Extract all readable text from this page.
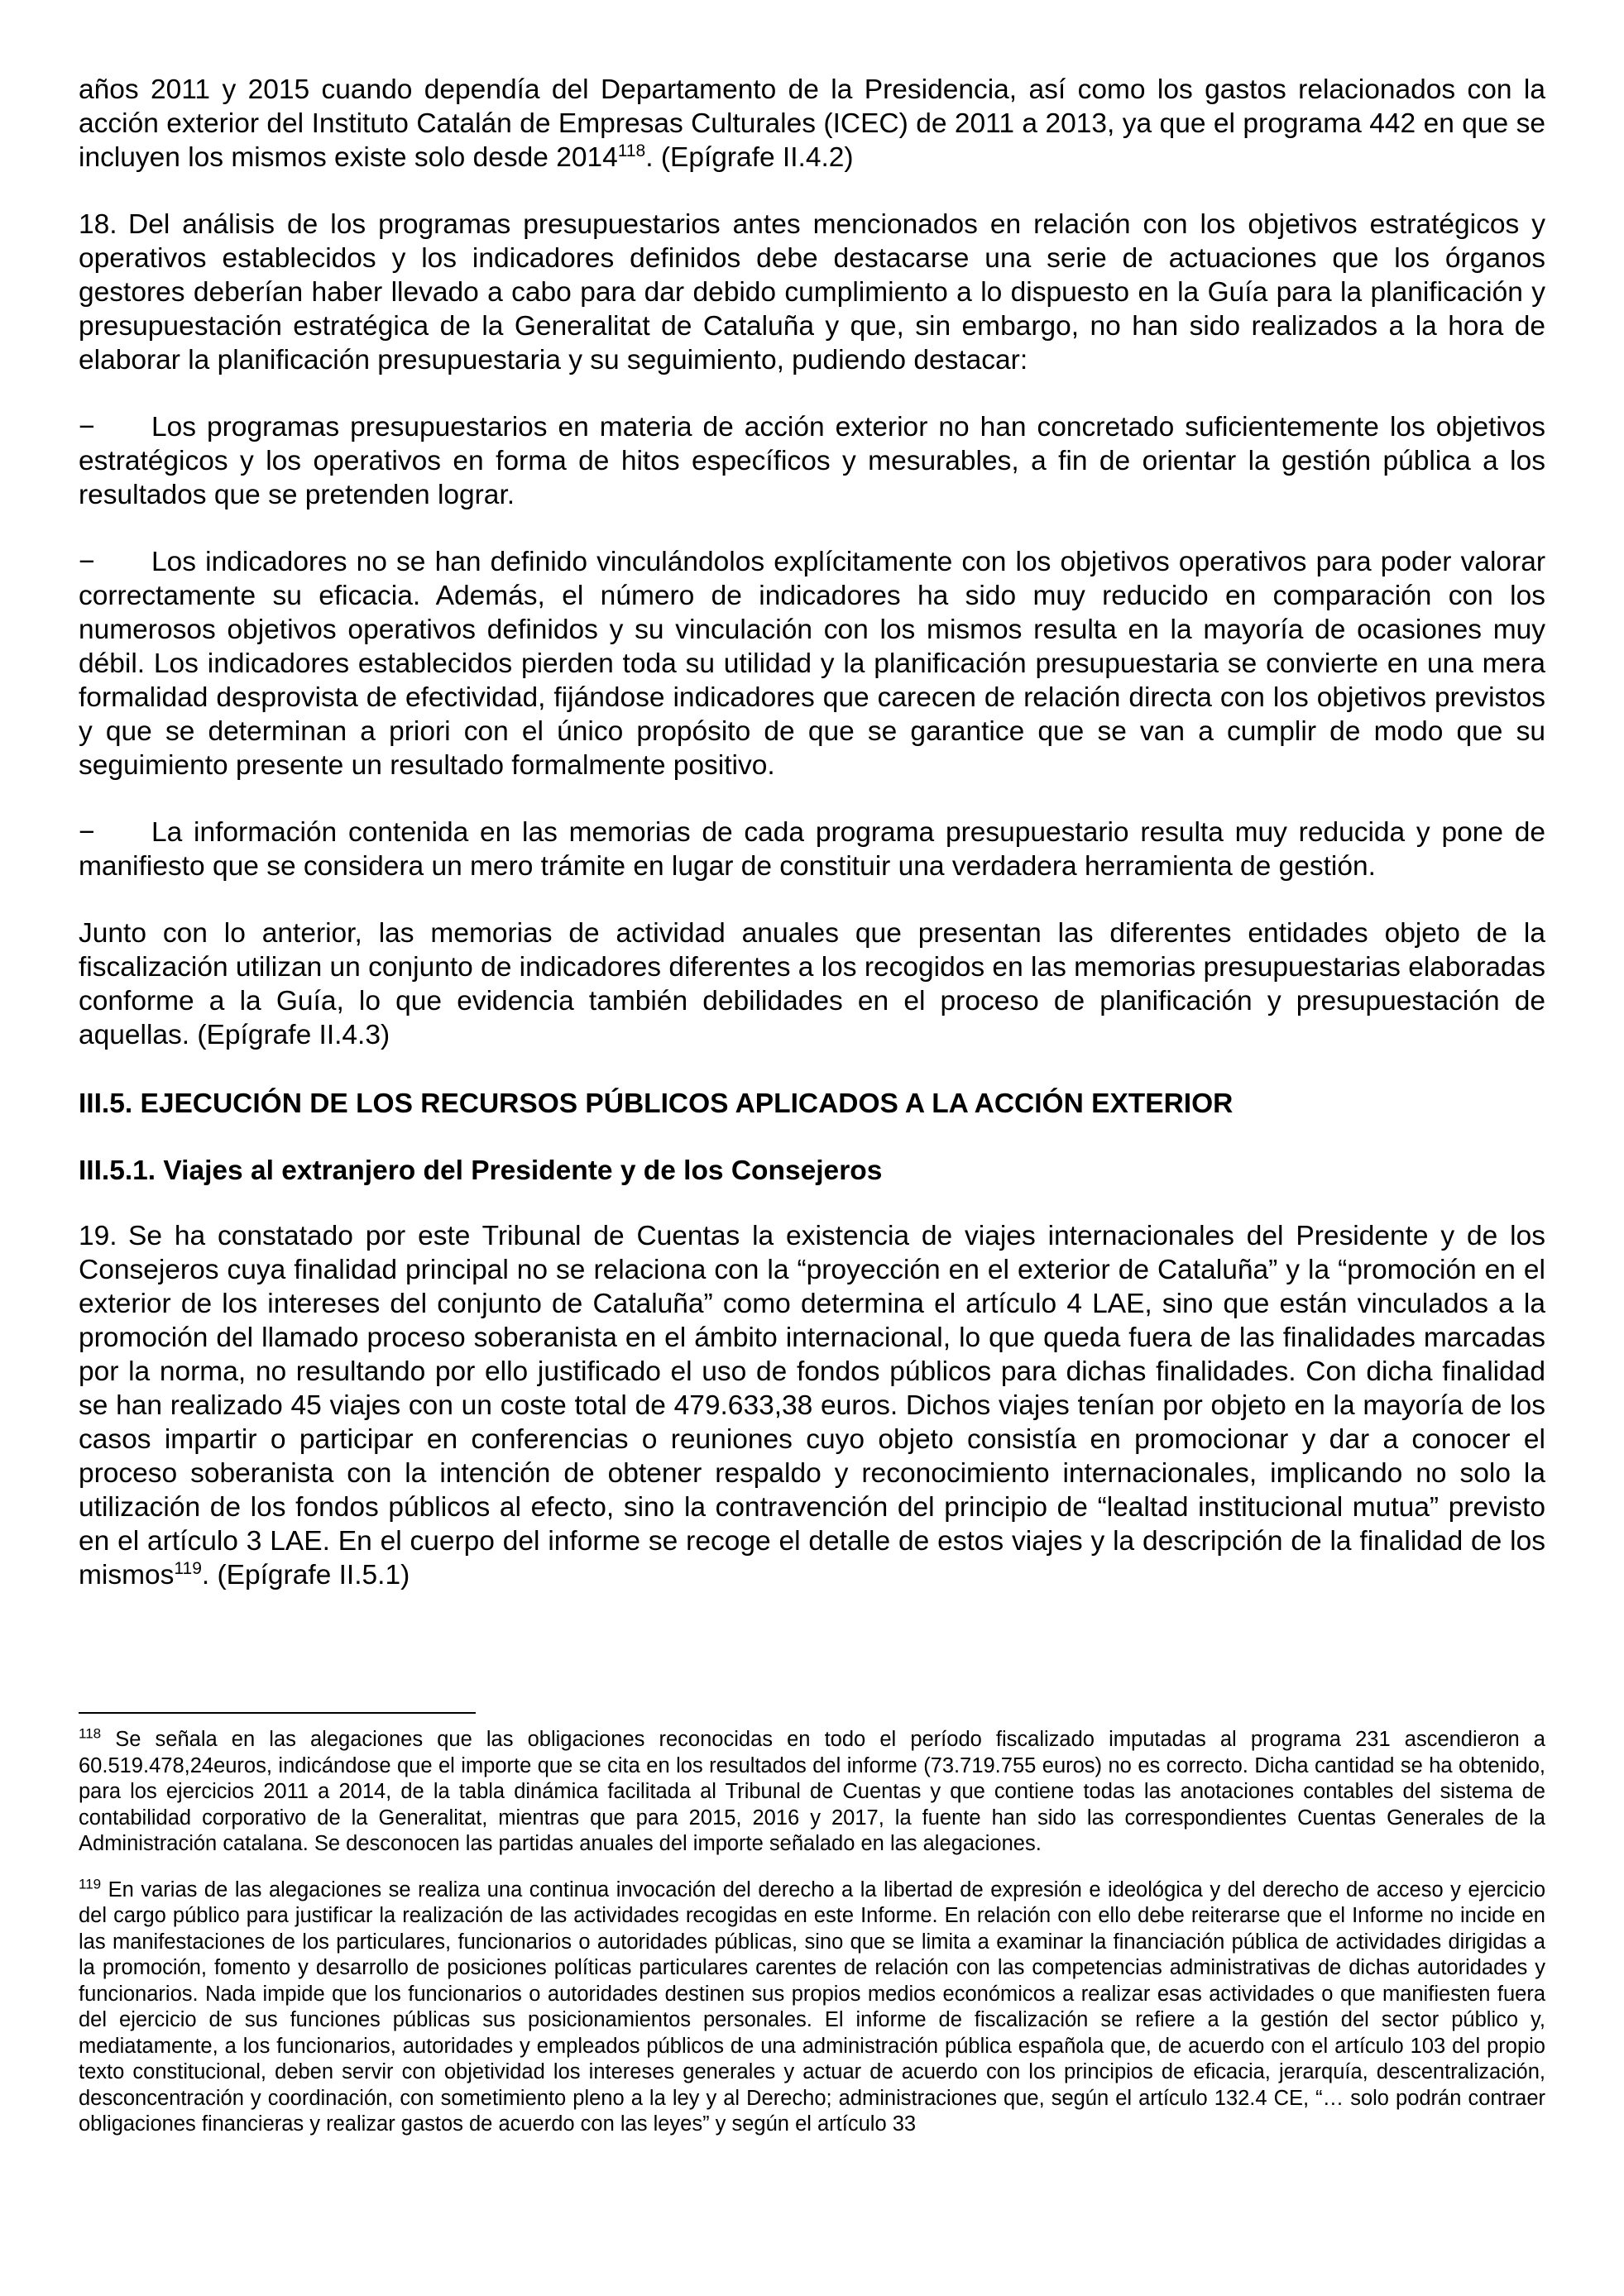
años 2011 y 2015 cuando dependía del Departamento de la Presidencia, así como los gastos relacionados con la acción exterior del Instituto Catalán de Empresas Culturales (ICEC) de 2011 a 2013, ya que el programa 442 en que se incluyen los mismos existe solo desde 2014$^{118}$. (Epígrafe II.4.2)

18. Del análisis de los programas presupuestarios antes mencionados en relación con los objetivos estratégicos y operativos establecidos y los indicadores definidos debe destacarse una serie de actuaciones que los órganos gestores deberían haber llevado a cabo para dar debido cumplimiento a lo dispuesto en la Guía para la planificación y presupuestación estratégica de la Generalitat de Cataluña y que, sin embargo, no han sido realizados a la hora de elaborar la planificación presupuestaria y su seguimiento, pudiendo destacar:

− Los programas presupuestarios en materia de acción exterior no han concretado suficientemente los objetivos estratégicos y los operativos en forma de hitos específicos y mesurables, a fin de orientar la gestión pública a los resultados que se pretenden lograr.

− Los indicadores no se han definido vinculándolos explícitamente con los objetivos operativos para poder valorar correctamente su eficacia. Además, el número de indicadores ha sido muy reducido en comparación con los numerosos objetivos operativos definidos y su vinculación con los mismos resulta en la mayoría de ocasiones muy débil. Los indicadores establecidos pierden toda su utilidad y la planificación presupuestaria se convierte en una mera formalidad desprovista de efectividad, fijándose indicadores que carecen de relación directa con los objetivos previstos y que se determinan a priori con el único propósito de que se garantice que se van a cumplir de modo que su seguimiento presente un resultado formalmente positivo.

− La información contenida en las memorias de cada programa presupuestario resulta muy reducida y pone de manifiesto que se considera un mero trámite en lugar de constituir una verdadera herramienta de gestión.

Junto con lo anterior, las memorias de actividad anuales que presentan las diferentes entidades objeto de la fiscalización utilizan un conjunto de indicadores diferentes a los recogidos en las memorias presupuestarias elaboradas conforme a la Guía, lo que evidencia también debilidades en el proceso de planificación y presupuestación de aquellas. (Epígrafe II.4.3)

III.5. EJECUCIÓN DE LOS RECURSOS PÚBLICOS APLICADOS A LA ACCIÓN EXTERIOR
III.5.1. Viajes al extranjero del Presidente y de los Consejeros

19. Se ha constatado por este Tribunal de Cuentas la existencia de viajes internacionales del Presidente y de los Consejeros cuya finalidad principal no se relaciona con la “proyección en el exterior de Cataluña” y la “promoción en el exterior de los intereses del conjunto de Cataluña” como determina el artículo 4 LAE, sino que están vinculados a la promoción del llamado proceso soberanista en el ámbito internacional, lo que queda fuera de las finalidades marcadas por la norma, no resultando por ello justificado el uso de fondos públicos para dichas finalidades. Con dicha finalidad se han realizado 45 viajes con un coste total de 479.633,38 euros. Dichos viajes tenían por objeto en la mayoría de los casos impartir o participar en conferencias o reuniones cuyo objeto consistía en promocionar y dar a conocer el proceso soberanista con la intención de obtener respaldo y reconocimiento internacionales, implicando no solo la utilización de los fondos públicos al efecto, sino la contravención del principio de “lealtad institucional mutua” previsto en el artículo 3 LAE. En el cuerpo del informe se recoge el detalle de estos viajes y la descripción de la finalidad de los mismos$^{119}$. (Epígrafe II.5.1)

$^{118}$ Se señala en las alegaciones que las obligaciones reconocidas en todo el período fiscalizado imputadas al programa 231 ascendieron a 60.519.478,24euros, indicándose que el importe que se cita en los resultados del informe (73.719.755 euros) no es correcto. Dicha cantidad se ha obtenido, para los ejercicios 2011 a 2014, de la tabla dinámica facilitada al Tribunal de Cuentas y que contiene todas las anotaciones contables del sistema de contabilidad corporativo de la Generalitat, mientras que para 2015, 2016 y 2017, la fuente han sido las correspondientes Cuentas Generales de la Administración catalana. Se desconocen las partidas anuales del importe señalado en las alegaciones.

$^{119}$ En varias de las alegaciones se realiza una continua invocación del derecho a la libertad de expresión e ideológica y del derecho de acceso y ejercicio del cargo público para justificar la realización de las actividades recogidas en este Informe. En relación con ello debe reiterarse que el Informe no incide en las manifestaciones de los particulares, funcionarios o autoridades públicas, sino que se limita a examinar la financiación pública de actividades dirigidas a la promoción, fomento y desarrollo de posiciones políticas particulares carentes de relación con las competencias administrativas de dichas autoridades y funcionarios. Nada impide que los funcionarios o autoridades destinen sus propios medios económicos a realizar esas actividades o que manifiesten fuera del ejercicio de sus funciones públicas sus posicionamientos personales. El informe de fiscalización se refiere a la gestión del sector público y, mediatamente, a los funcionarios, autoridades y empleados públicos de una administración pública española que, de acuerdo con el artículo 103 del propio texto constitucional, deben servir con objetividad los intereses generales y actuar de acuerdo con los principios de eficacia, jerarquía, descentralización, desconcentración y coordinación, con sometimiento pleno a la ley y al Derecho; administraciones que, según el artículo 132.4 CE, “… solo podrán contraer obligaciones financieras y realizar gastos de acuerdo con las leyes” y según el artículo 33
